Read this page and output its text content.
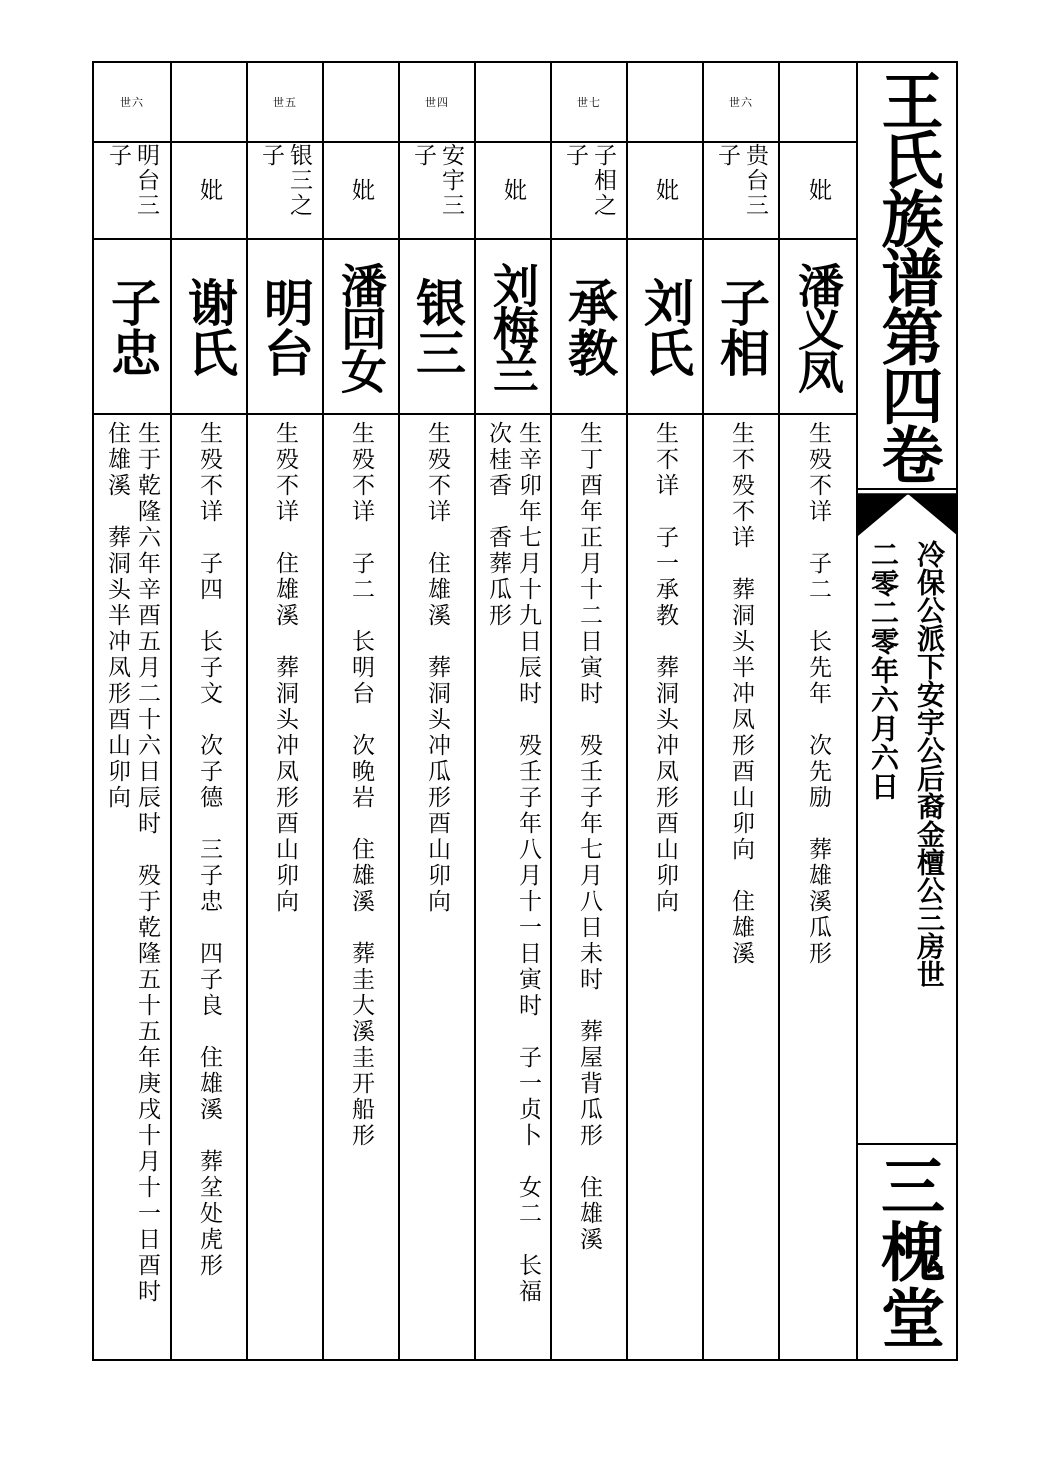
妣
潘义凤
生殁不详　子二　长先年　次先励　葬雄溪瓜形
世六
贵台三子
子相
生不殁不详　葬洞头半冲凤形酉山卯向　住雄溪
妣
刘氏
生不详　子一承教　葬洞头冲凤形酉山卯向
世七
子相之子
承教
生丁酉年正月十二日寅时　殁壬子年七月八日未时　葬屋背瓜形　住雄溪
妣
刘梅兰
生辛卯年七月十九日辰时　殁壬子年八月十一日寅时　子一贞卜　女二　长福　次桂香　香葬瓜形
世四
安宇三子
银三
生殁不详　住雄溪　葬洞头冲瓜形酉山卯向
妣
潘回女
生殁不详　子二　长明台　次晚岩　住雄溪　葬圭大溪圭开船形
世五
银三之子
明台
生殁不详　住雄溪　葬洞头冲凤形酉山卯向
妣
谢氏
生殁不详　子四　长子文　次子德　三子忠　四子良　住雄溪　葬坌处虎形
世六
明台三子
子忠
生于乾隆六年辛酉五月二十六日辰时　殁于乾隆五十五年庚戌十月十一日酉时　住雄溪　葬洞头半冲凤形酉山卯向
王氏族谱第四卷
冷保公派下安宇公后裔金檀公三房世
二零二零年六月六日
三槐堂
